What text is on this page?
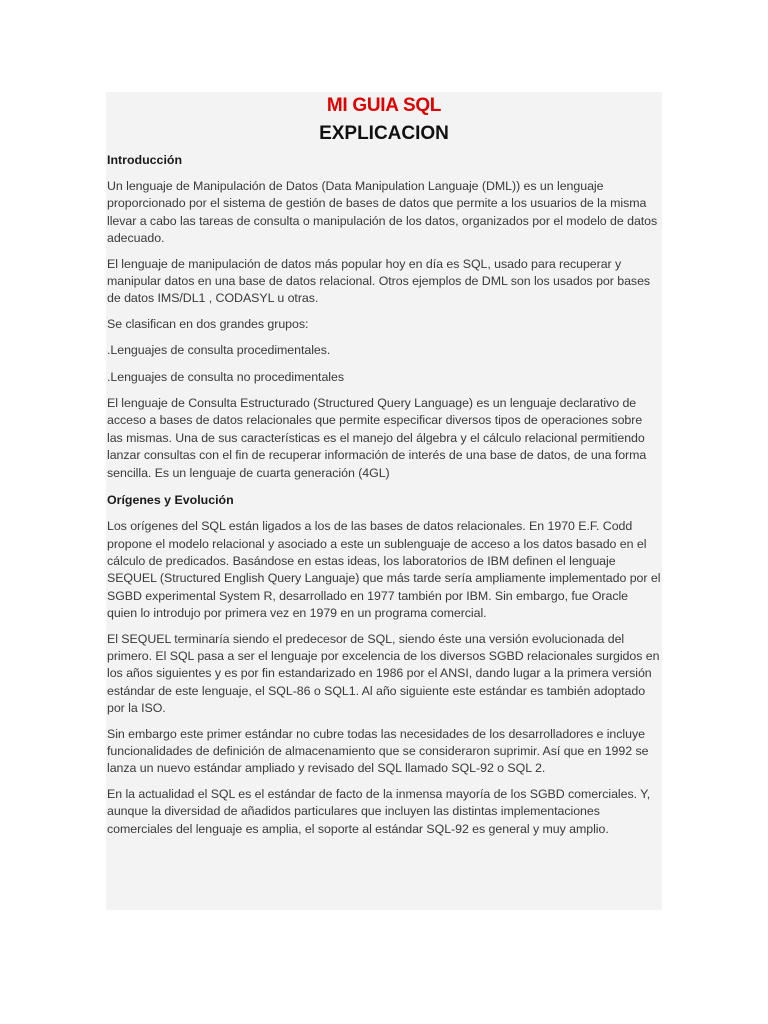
MI GUIA SQL
EXPLICACION
Introducción

Un lenguaje de Manipulación de Datos (Data Manipulation Languaje (DML)) es un lenguaje proporcionado por el sistema de gestión de bases de datos que permite a los usuarios de la misma llevar a cabo las tareas de consulta o manipulación de los datos, organizados por el modelo de datos adecuado.

El lenguaje de manipulación de datos más popular hoy en día es SQL, usado para recuperar y manipular datos en una base de datos relacional. Otros ejemplos de DML son los usados por bases de datos IMS/DL1 , CODASYL u otras.

Se clasifican en dos grandes grupos:

.Lenguajes de consulta procedimentales.

.Lenguajes de consulta no procedimentales

El lenguaje de Consulta Estructurado (Structured Query Language) es un lenguaje declarativo de acceso a bases de datos relacionales que permite especificar diversos tipos de operaciones sobre las mismas. Una de sus características es el manejo del álgebra y el cálculo relacional permitiendo lanzar consultas con el fin de recuperar información de interés de una base de datos, de una forma sencilla. Es un lenguaje de cuarta generación (4GL)

Orígenes y Evolución

Los orígenes del SQL están ligados a los de las bases de datos relacionales. En 1970 E.F. Codd propone el modelo relacional y asociado a este un sublenguaje de acceso a los datos basado en el cálculo de predicados. Basándose en estas ideas, los laboratorios de IBM definen el lenguaje SEQUEL (Structured English Query Languaje) que más tarde sería ampliamente implementado por el SGBD experimental System R, desarrollado en 1977 también por IBM. Sin embargo, fue Oracle quien lo introdujo por primera vez en 1979 en un programa comercial.

El SEQUEL terminaría siendo el predecesor de SQL, siendo éste una versión evolucionada del primero. El SQL pasa a ser el lenguaje por excelencia de los diversos SGBD relacionales surgidos en los años siguientes y es por fin estandarizado en 1986 por el ANSI, dando lugar a la primera versión estándar de este lenguaje, el SQL-86 o SQL1. Al año siguiente este estándar es también adoptado por la ISO.

Sin embargo este primer estándar no cubre todas las necesidades de los desarrolladores e incluye funcionalidades de definición de almacenamiento que se consideraron suprimir. Así que en 1992 se lanza un nuevo estándar ampliado y revisado del SQL llamado SQL-92 o SQL 2.

En la actualidad el SQL es el estándar de facto de la inmensa mayoría de los SGBD comerciales. Y, aunque la diversidad de añadidos particulares que incluyen las distintas implementaciones comerciales del lenguaje es amplia, el soporte al estándar SQL-92 es general y muy amplio.
